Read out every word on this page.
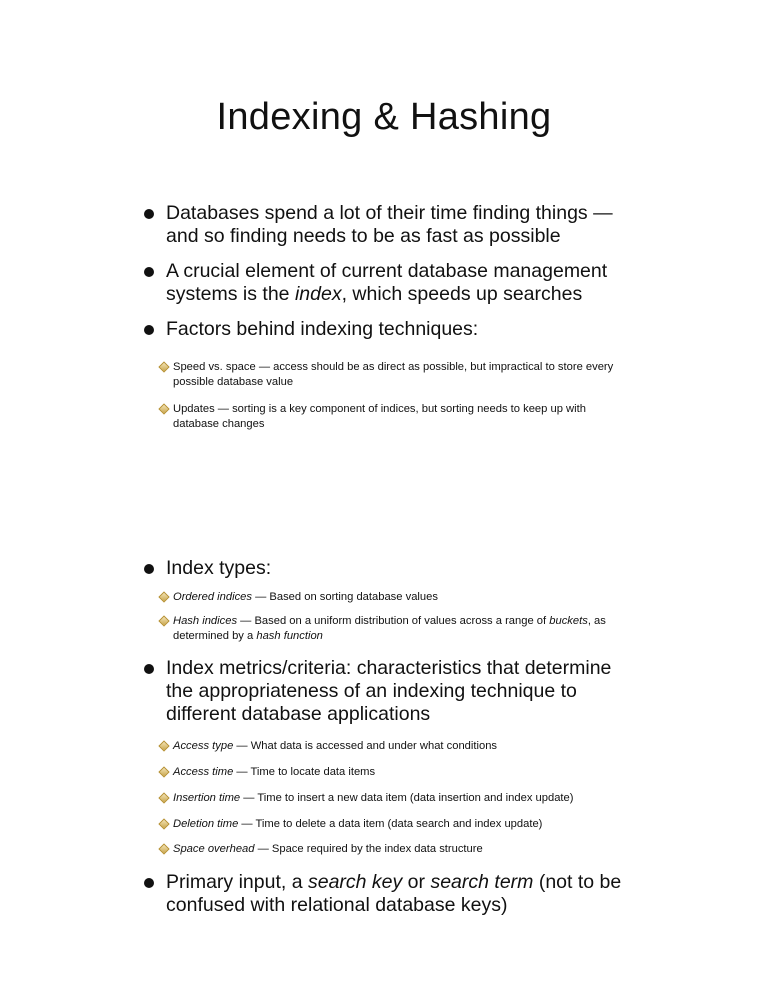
Indexing & Hashing
Databases spend a lot of their time finding things — and so finding needs to be as fast as possible
A crucial element of current database management systems is the index, which speeds up searches
Factors behind indexing techniques:
Speed vs. space — access should be as direct as possible, but impractical to store every possible database value
Updates — sorting is a key component of indices, but sorting needs to keep up with database changes
Index types:
Ordered indices — Based on sorting database values
Hash indices — Based on a uniform distribution of values across a range of buckets, as determined by a hash function
Index metrics/criteria: characteristics that determine the appropriateness of an indexing technique to different database applications
Access type — What data is accessed and under what conditions
Access time — Time to locate data items
Insertion time — Time to insert a new data item (data insertion and index update)
Deletion time — Time to delete a data item (data search and index update)
Space overhead — Space required by the index data structure
Primary input, a search key or search term (not to be confused with relational database keys)
